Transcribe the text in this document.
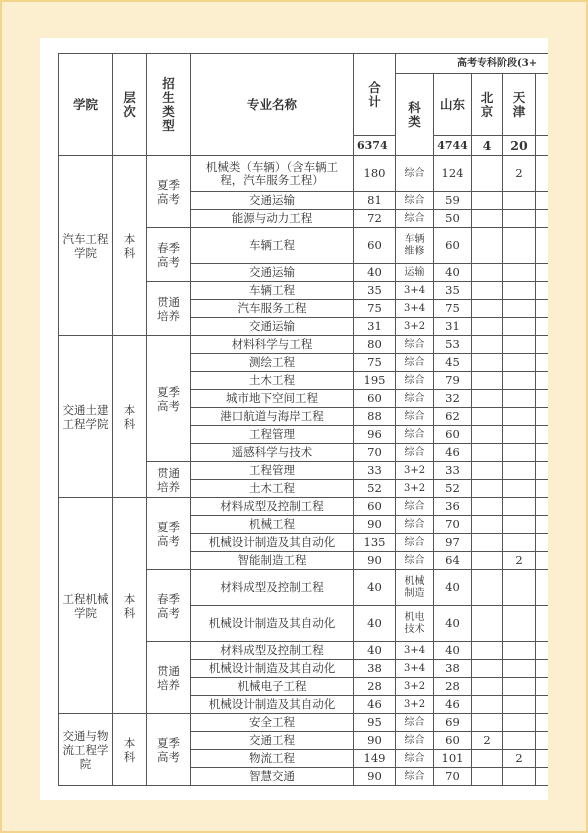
学院	层次	招生类型	专业名称	合计	高考专科阶段(3+				
					科类	山东	北京	天津	
				6374		4744	4	20	
汽车工程学院	本科	夏季高考	机械类（车辆）（含车辆工程，汽车服务工程）	180	综合	124		2	
			交通运输	81	综合	59			
			能源与动力工程	72	综合	50			
		春季高考	车辆工程	60	车辆维修	60			
			交通运输	40	运输	40			
		贯通培养	车辆工程	35	3+4	35			
			汽车服务工程	75	3+4	75			
			交通运输	31	3+2	31			
交通土建工程学院	本科	夏季高考	材料科学与工程	80	综合	53			
			测绘工程	75	综合	45			
			土木工程	195	综合	79			
			城市地下空间工程	60	综合	32			
			港口航道与海岸工程	88	综合	62			
			工程管理	96	综合	60			
			遥感科学与技术	70	综合	46			
		贯通培养	工程管理	33	3+2	33			
			土木工程	52	3+2	52			
工程机械学院	本科	夏季高考	材料成型及控制工程	60	综合	36			
			机械工程	90	综合	70			
			机械设计制造及其自动化	135	综合	97			
			智能制造工程	90	综合	64		2	
		春季高考	材料成型及控制工程	40	机械制造	40			
			机械设计制造及其自动化	40	机电技术	40			
		贯通培养	材料成型及控制工程	40	3+4	40			
			机械设计制造及其自动化	38	3+4	38			
			机械电子工程	28	3+2	28			
			机械设计制造及其自动化	46	3+2	46			
交通与物流工程学院	本科	夏季高考	安全工程	95	综合	69			
			交通工程	90	综合	60	2		
			物流工程	149	综合	101		2	
			智慧交通	90	综合	70			
